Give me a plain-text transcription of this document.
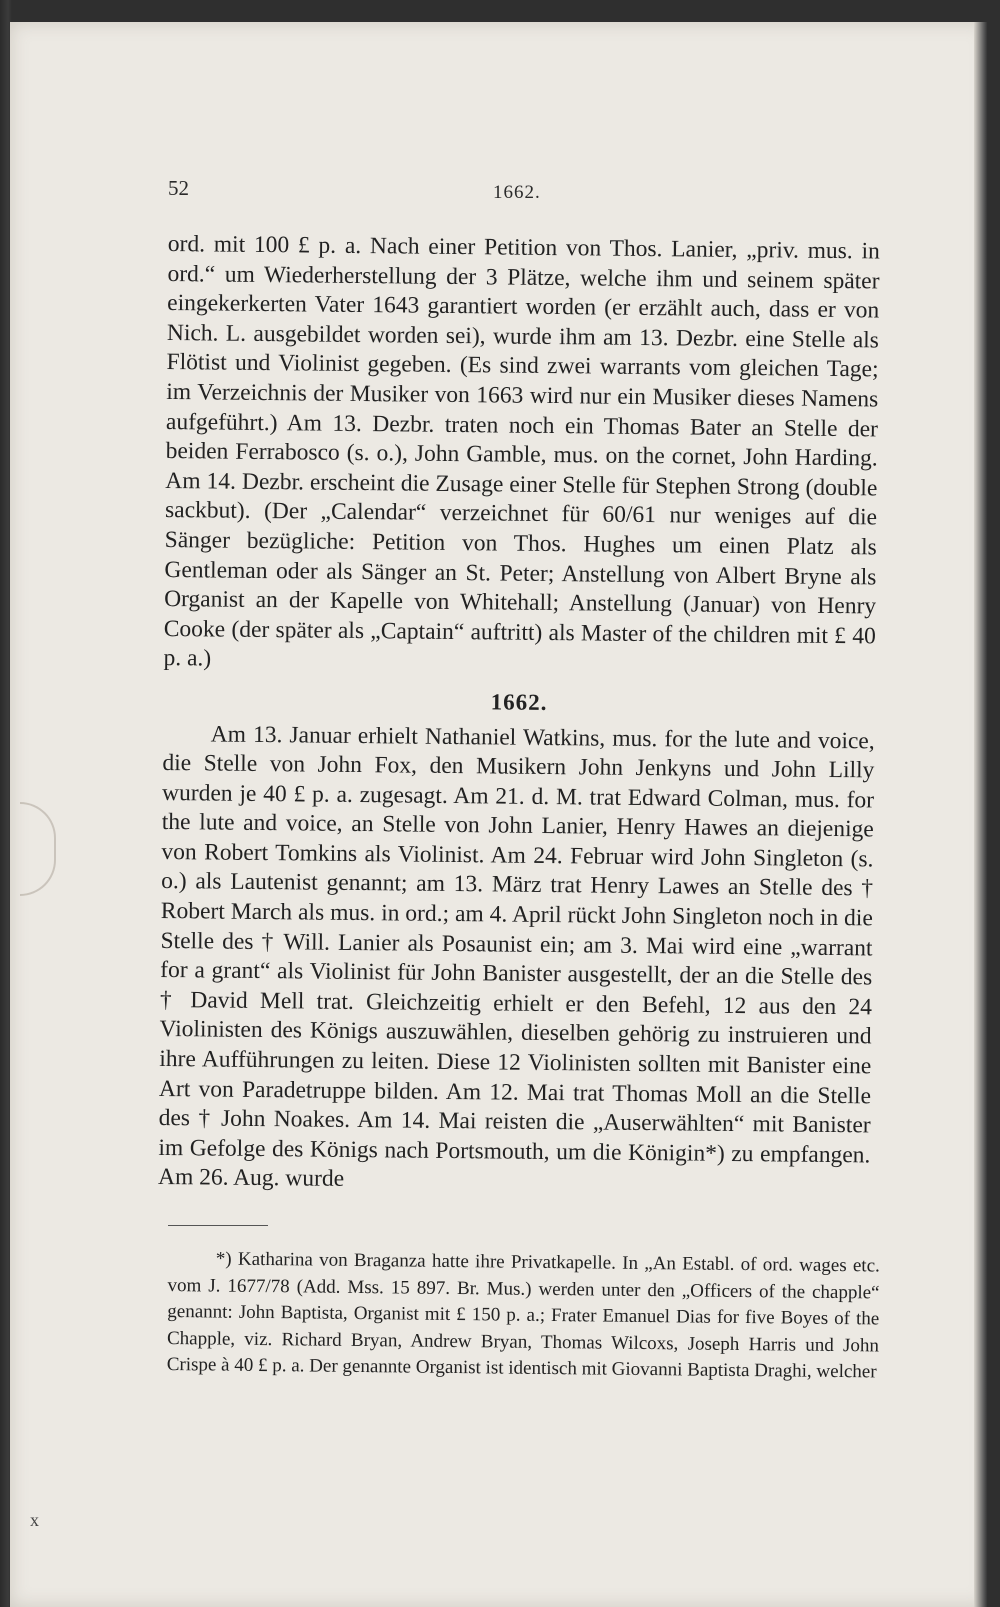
52	1662.

ord. mit 100 £ p. a. Nach einer Petition von Thos. Lanier, „priv. mus. in ord.“ um Wiederherstellung der 3 Plätze, welche ihm und seinem später eingekerkerten Vater 1643 garantiert worden (er erzählt auch, dass er von Nich. L. ausgebildet worden sei), wurde ihm am 13. Dezbr. eine Stelle als Flötist und Violinist gegeben. (Es sind zwei warrants vom gleichen Tage; im Verzeichnis der Musiker von 1663 wird nur ein Musiker dieses Namens aufgeführt.) Am 13. Dezbr. traten noch ein Thomas Bater an Stelle der beiden Ferrabosco (s. o.), John Gamble, mus. on the cornet, John Harding. Am 14. Dezbr. erscheint die Zusage einer Stelle für Stephen Strong (double sackbut). (Der „Calendar“ verzeichnet für 60/61 nur weniges auf die Sänger bezügliche: Petition von Thos. Hughes um einen Platz als Gentleman oder als Sänger an St. Peter; Anstellung von Albert Bryne als Organist an der Kapelle von Whitehall; Anstellung (Januar) von Henry Cooke (der später als „Captain“ auftritt) als Master of the children mit £ 40 p. a.)

1662.

Am 13. Januar erhielt Nathaniel Watkins, mus. for the lute and voice, die Stelle von John Fox, den Musikern John Jenkyns und John Lilly wurden je 40 £ p. a. zugesagt. Am 21. d. M. trat Edward Colman, mus. for the lute and voice, an Stelle von John Lanier, Henry Hawes an diejenige von Robert Tomkins als Violinist. Am 24. Februar wird John Singleton (s. o.) als Lautenist genannt; am 13. März trat Henry Lawes an Stelle des † Robert March als mus. in ord.; am 4. April rückt John Singleton noch in die Stelle des † Will. Lanier als Posaunist ein; am 3. Mai wird eine „warrant for a grant“ als Violinist für John Banister ausgestellt, der an die Stelle des † David Mell trat. Gleichzeitig erhielt er den Befehl, 12 aus den 24 Violinisten des Königs auszuwählen, dieselben gehörig zu instruieren und ihre Aufführungen zu leiten. Diese 12 Violinisten sollten mit Banister eine Art von Paradetruppe bilden. Am 12. Mai trat Thomas Moll an die Stelle des † John Noakes. Am 14. Mai reisten die „Auserwählten“ mit Banister im Gefolge des Königs nach Portsmouth, um die Königin*) zu empfangen. Am 26. Aug. wurde

*) Katharina von Braganza hatte ihre Privatkapelle. In „An Establ. of ord. wages etc. vom J. 1677/78 (Add. Mss. 15 897. Br. Mus.) werden unter den „Officers of the chapple“ genannt: John Baptista, Organist mit £ 150 p. a.; Frater Emanuel Dias for five Boyes of the Chapple, viz. Richard Bryan, Andrew Bryan, Thomas Wilcoxs, Joseph Harris und John Crispe à 40 £ p. a. Der genannte Organist ist identisch mit Giovanni Baptista Draghi, welcher

x
